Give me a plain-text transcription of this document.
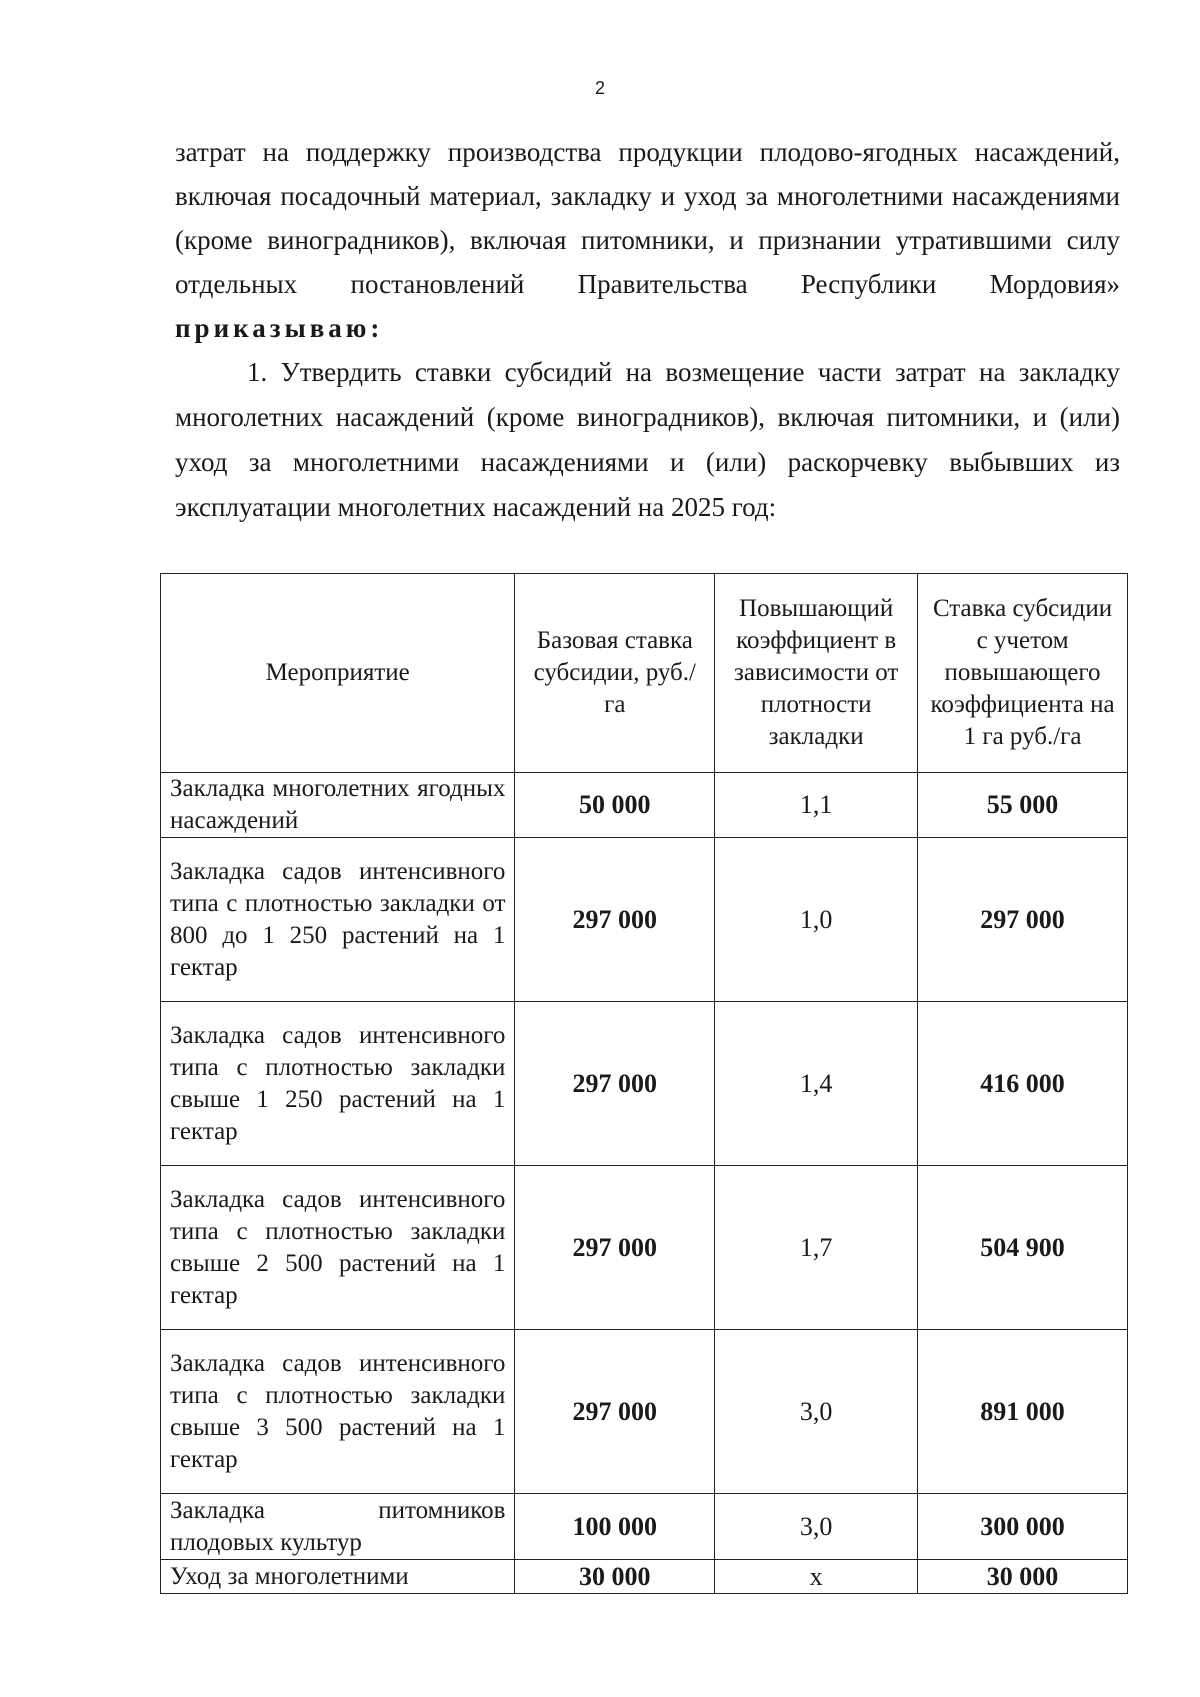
2

затрат на поддержку производства продукции плодово-ягодных насаждений, включая посадочный материал, закладку и уход за многолетними насаждениями (кроме виноградников), включая питомники, и признании утратившими силу отдельных постановлений Правительства Республики Мордовия» приказываю:

1. Утвердить ставки субсидий на возмещение части затрат на закладку многолетних насаждений (кроме виноградников), включая питомники, и (или) уход за многолетними насаждениями и (или) раскорчевку выбывших из эксплуатации многолетних насаждений на 2025 год:

Мероприятие	Базовая ставка субсидии, руб./га	Повышающий коэффициент в зависимости от плотности закладки	Ставка субсидии с учетом повышающего коэффициента на 1 га руб./га
Закладка многолетних ягодных насаждений	50 000	1,1	55 000
Закладка садов интенсивного типа с плотностью закладки от 800 до 1 250 растений на 1 гектар	297 000	1,0	297 000
Закладка садов интенсивного типа с плотностью закладки свыше 1 250 растений на 1 гектар	297 000	1,4	416 000
Закладка садов интенсивного типа с плотностью закладки свыше 2 500 растений на 1 гектар	297 000	1,7	504 900
Закладка садов интенсивного типа с плотностью закладки свыше 3 500 растений на 1 гектар	297 000	3,0	891 000
Закладка питомников плодовых культур	100 000	3,0	300 000
Уход за многолетними	30 000	х	30 000
